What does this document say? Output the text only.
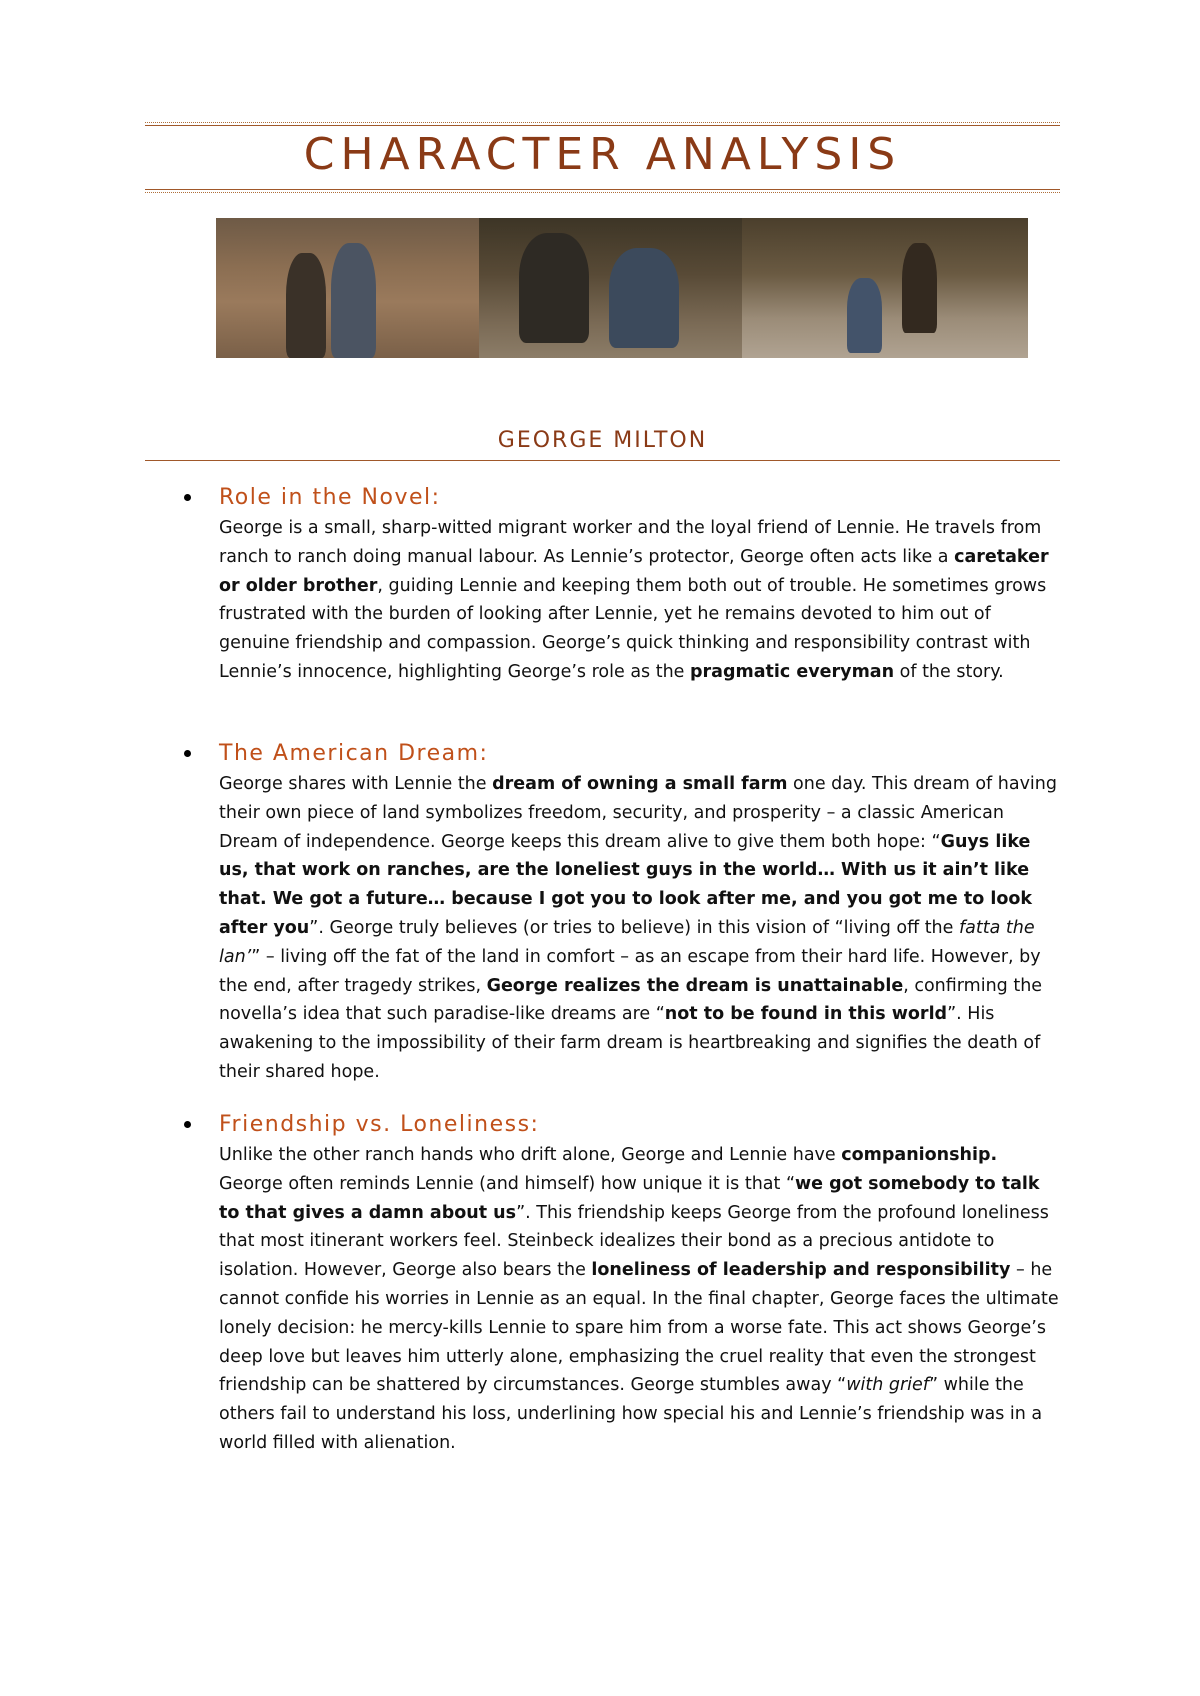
CHARACTER ANALYSIS
GEORGE MILTON
Role in the Novel:
George is a small, sharp-witted migrant worker and the loyal friend of Lennie. He travels from ranch to ranch doing manual labour. As Lennie’s protector, George often acts like a caretaker or older brother, guiding Lennie and keeping them both out of trouble. He sometimes grows frustrated with the burden of looking after Lennie, yet he remains devoted to him out of genuine friendship and compassion. George’s quick thinking and responsibility contrast with Lennie’s innocence, highlighting George’s role as the pragmatic everyman of the story.
The American Dream:
George shares with Lennie the dream of owning a small farm one day. This dream of having their own piece of land symbolizes freedom, security, and prosperity – a classic American Dream of independence. George keeps this dream alive to give them both hope: “Guys like us, that work on ranches, are the loneliest guys in the world… With us it ain’t like that. We got a future… because I got you to look after me, and you got me to look after you”. George truly believes (or tries to believe) in this vision of “living off the fatta the lan’” – living off the fat of the land in comfort – as an escape from their hard life. However, by the end, after tragedy strikes, George realizes the dream is unattainable, confirming the novella’s idea that such paradise-like dreams are “not to be found in this world”. His awakening to the impossibility of their farm dream is heartbreaking and signifies the death of their shared hope.
Friendship vs. Loneliness:
Unlike the other ranch hands who drift alone, George and Lennie have companionship. George often reminds Lennie (and himself) how unique it is that “we got somebody to talk to that gives a damn about us”. This friendship keeps George from the profound loneliness that most itinerant workers feel. Steinbeck idealizes their bond as a precious antidote to isolation. However, George also bears the loneliness of leadership and responsibility – he cannot confide his worries in Lennie as an equal. In the final chapter, George faces the ultimate lonely decision: he mercy-kills Lennie to spare him from a worse fate. This act shows George’s deep love but leaves him utterly alone, emphasizing the cruel reality that even the strongest friendship can be shattered by circumstances. George stumbles away “with grief” while the others fail to understand his loss, underlining how special his and Lennie’s friendship was in a world filled with alienation.
